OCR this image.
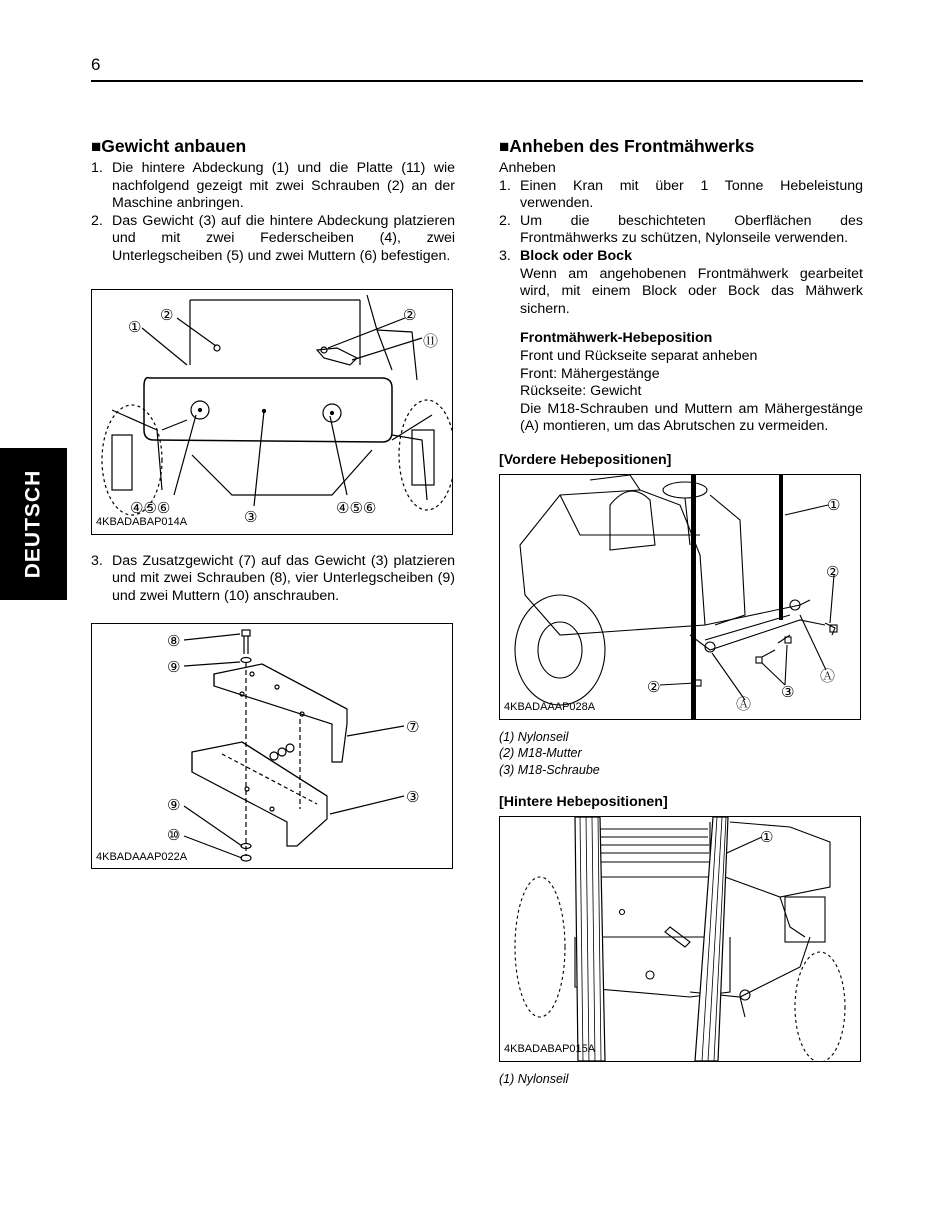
6
DEUTSCH
■Gewicht anbauen
1. Die hintere Abdeckung (1) und die Platte (11) wie nachfolgend gezeigt mit zwei Schrauben (2) an der Maschine anbringen.
2. Das Gewicht (3) auf die hintere Abdeckung platzieren und mit zwei Federscheiben (4), zwei Unterlegscheiben (5) und zwei Muttern (6) befestigen.
①
②	②
⑪
③
④⑤⑥	④⑤⑥
4KBADABAP014A
3. Das Zusatzgewicht (7) auf das Gewicht (3) platzieren und mit zwei Schrauben (8), vier Unterlegscheiben (9) und zwei Muttern (10) anschrauben.
⑧
⑨
⑦
③
⑨
⑩
4KBADAAAP022A
■Anheben des Frontmähwerks

Anheben

1. Einen Kran mit über 1 Tonne Hebeleistung verwenden.
2. Um die beschichteten Oberflächen des Frontmähwerks zu schützen, Nylonseile verwenden.
3. Block oder Bock
Wenn am angehobenen Frontmähwerk gearbeitet wird, mit einem Block oder Bock das Mähwerk sichern.
Frontmähwerk-Hebeposition
Front und Rückseite separat anheben
Front: Mähergestänge
Rückseite: Gewicht
Die M18-Schrauben und Muttern am Mähergestänge (A) montieren, um das Abrutschen zu vermeiden.
[Vordere Hebepositionen]
①
②
②	③
Ⓐ
Ⓐ
4KBADAAAP028A
(1) Nylonseil
(2) M18-Mutter
(3) M18-Schraube
[Hintere Hebepositionen]
①
4KBADABAP015A
(1) Nylonseil
